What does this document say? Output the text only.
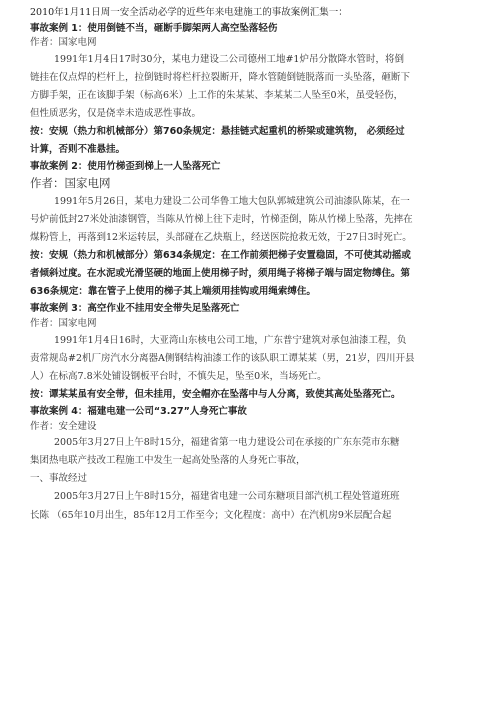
2010年1月11日周一安全活动必学的近些年来电建施工的事故案例汇集一：

事故案例 1：使用倒链不当，砸断手脚架两人高空坠落轻伤

作者：国家电网

1991年1月4日17时30分，某电力建设二公司德州工地#1炉吊分散降水管时，将倒

链挂在仅点焊的栏杆上，拉倒链时将栏杆拉裂断开，降水管随倒链脱落而一头坠落，砸断下

方脚手架，正在该脚手架（标高6米）上工作的朱某某、李某某二人坠至0米，虽受轻伤，

但性质恶劣，仅是侥幸未造成恶性事故。

按：安规（热力和机械部分）第760条规定：悬挂链式起重机的桥梁或建筑物， 必须经过

计算，否则不准悬挂。

事故案例 2：使用竹梯歪到梯上一人坠落死亡

作者：国家电网

1991年5月26日，某电力建设二公司华鲁工地大包队郭城建筑公司油漆队陈某，在一

号炉前低封27米处油漆钢管，当陈从竹梯上往下走时，竹梯歪倒，陈从竹梯上坠落，先摔在

煤粉管上，再落到12米运转层，头部碰在乙炔瓶上，经送医院抢救无效，于27日3时死亡。

按：安规（热力和机械部分）第634条规定：在工作前须把梯子安置稳固，不可使其动摇或

者倾斜过度。在水泥或光滑坚硬的地面上使用梯子时，须用绳子将梯子端与固定物缚住。第

636条规定：靠在管子上使用的梯子其上端须用挂钩或用绳索缚住。

事故案例 3：高空作业不挂用安全带失足坠落死亡

作者：国家电网

1991年1月4日16时，大亚湾山东核电公司工地，广东普宁建筑对承包油漆工程，负

责常规岛#2机厂房汽水分离器A侧钢结构油漆工作的该队职工谭某某（男，21岁，四川开县

人）在标高7.8米处铺设钢板平台时，不慎失足，坠至0米，当场死亡。

按：谭某某虽有安全带，但未挂用，安全帽亦在坠落中与人分离，致使其高处坠落死亡。

事故案例 4：福建电建一公司“3.27”人身死亡事故

作者：安全建设

2005年3月27日上午8时15分，福建省第一电力建设公司在承接的广东东莞市东糖

集团热电联产技改工程施工中发生一起高处坠落的人身死亡事故，

一、事故经过

2005年3月27日上午8时15分，福建省电建一公司东糖项目部汽机工程处管道班班

长陈 （65年10月出生，85年12月工作至今；文化程度：高中）在汽机房9米层配合起
